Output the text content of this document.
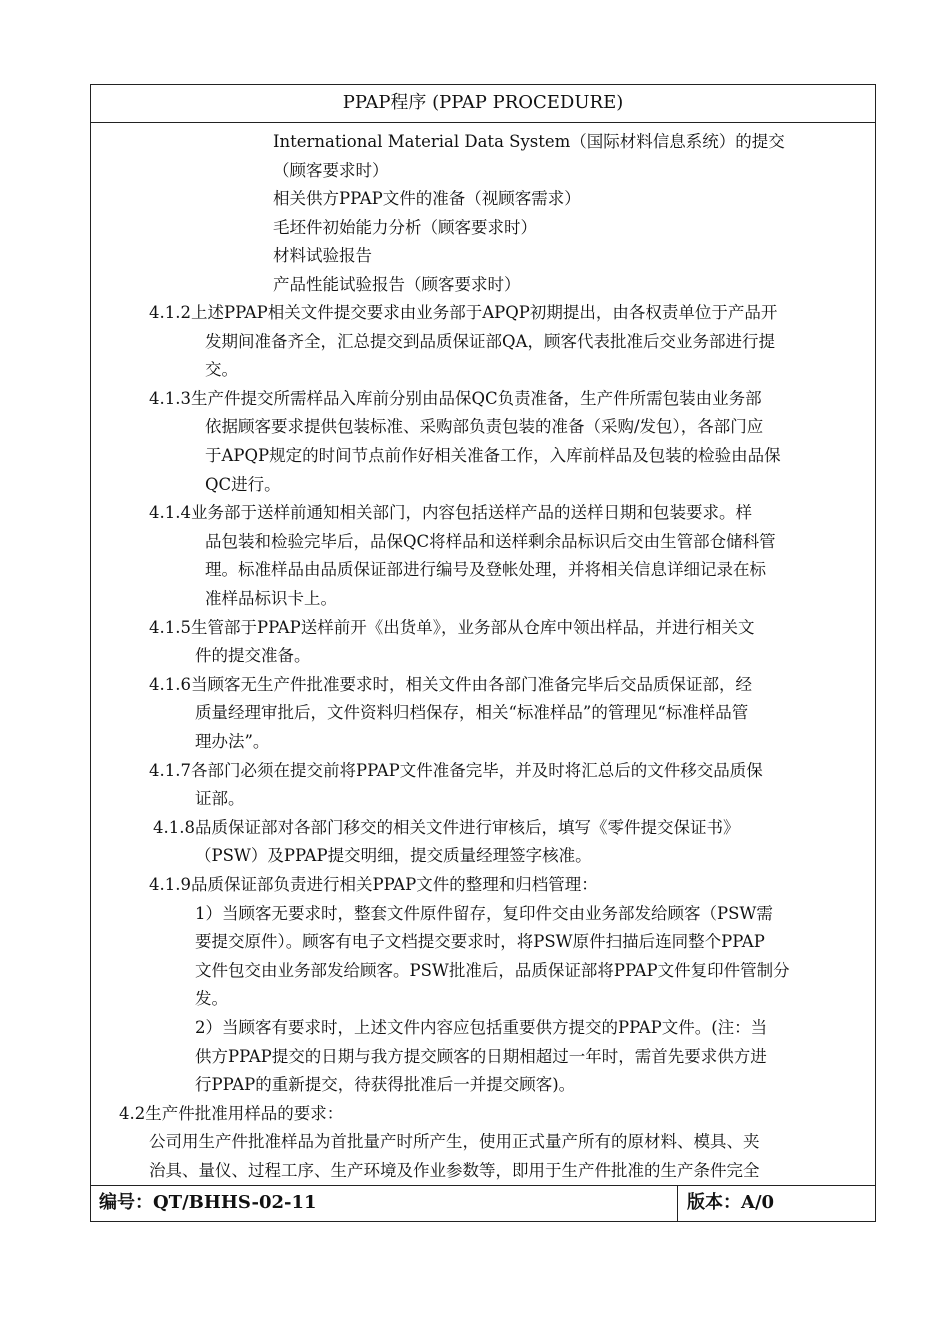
PPAP程序 (PPAP PROCEDURE)
International Material Data System（国际材料信息系统）的提交
（顾客要求时）
相关供方PPAP文件的准备（视顾客需求）
毛坯件初始能力分析（顾客要求时）
材料试验报告
产品性能试验报告（顾客要求时）
4.1.2上述PPAP相关文件提交要求由业务部于APQP初期提出，由各权责单位于产品开
发期间准备齐全，汇总提交到品质保证部QA，顾客代表批准后交业务部进行提
交。
4.1.3生产件提交所需样品入库前分别由品保QC负责准备，生产件所需包装由业务部
依据顾客要求提供包装标准、采购部负责包装的准备（采购/发包），各部门应
于APQP规定的时间节点前作好相关准备工作，入库前样品及包装的检验由品保
QC进行。
4.1.4业务部于送样前通知相关部门，内容包括送样产品的送样日期和包装要求。样
品包装和检验完毕后，品保QC将样品和送样剩余品标识后交由生管部仓储科管
理。标准样品由品质保证部进行编号及登帐处理，并将相关信息详细记录在标
准样品标识卡上。
4.1.5生管部于PPAP送样前开《出货单》，业务部从仓库中领出样品，并进行相关文
件的提交准备。
4.1.6当顾客无生产件批准要求时，相关文件由各部门准备完毕后交品质保证部，经
质量经理审批后，文件资料归档保存，相关“标准样品”的管理见“标准样品管
理办法”。
4.1.7各部门必须在提交前将PPAP文件准备完毕，并及时将汇总后的文件移交品质保
证部。
4.1.8品质保证部对各部门移交的相关文件进行审核后，填写《零件提交保证书》
（PSW）及PPAP提交明细，提交质量经理签字核准。
4.1.9品质保证部负责进行相关PPAP文件的整理和归档管理：
1）当顾客无要求时，整套文件原件留存，复印件交由业务部发给顾客（PSW需
要提交原件）。顾客有电子文档提交要求时，将PSW原件扫描后连同整个PPAP
文件包交由业务部发给顾客。PSW批准后，品质保证部将PPAP文件复印件管制分
发。
2）当顾客有要求时，上述文件内容应包括重要供方提交的PPAP文件。(注：当
供方PPAP提交的日期与我方提交顾客的日期相超过一年时，需首先要求供方进
行PPAP的重新提交，待获得批准后一并提交顾客)。
4.2生产件批准用样品的要求：
公司用生产件批准样品为首批量产时所产生，使用正式量产所有的原材料、模具、夹
治具、量仪、过程工序、生产环境及作业参数等，即用于生产件批准的生产条件完全
编号：QT/BHHS-02-11	版本：A/0
